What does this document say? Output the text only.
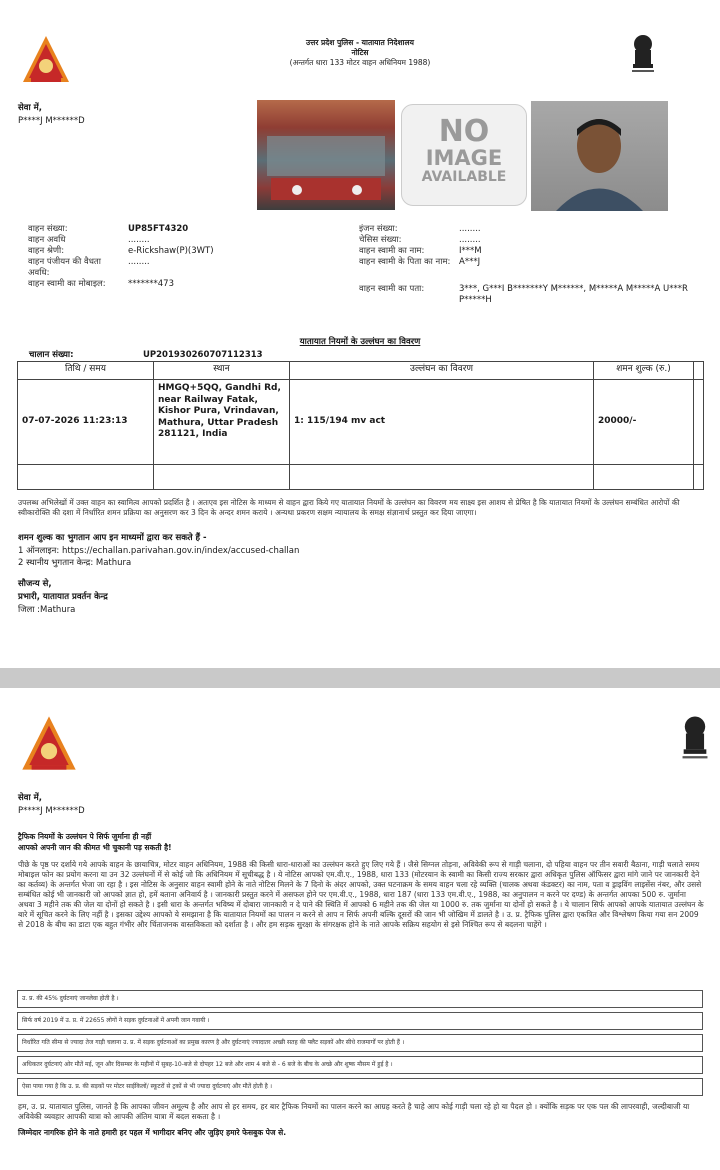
उत्तर प्रदेश पुलिस - यातायात निदेशालय
नोटिस
(अन्तर्गत धारा 133 मोटर वाहन अधिनियम 1988)
सेवा में,
P****J M******D	NO
IMAGE
AVAILABLE
वाहन संख्या:	UP85FT4320
वाहन अवधि	........
वाहन श्रेणी:	e-Rickshaw(P)(3WT)
वाहन पंजीयन की वैधता	........
अवधि:
वाहन स्वामी का मोबाइल:	*******473
इंजन संख्या:	........
चेसिस संख्या:	........
वाहन स्वामी का नाम:	I***M
वाहन स्वामी के पिता का नाम:	A***J
वाहन स्वामी का पता:	3***, G***I B*******Y M******, M*****A M*****A U***R P*****H
यातायात नियमों के उल्लंघन का विवरण
चालान संख्या:	UP201930260707112313
तिथि / समय	स्थान	उल्लंघन का विवरण	शमन शुल्क (रु.)	
07-07-2026 11:23:13	HMGQ+5QQ, Gandhi Rd, near Railway Fatak, Kishor Pura, Vrindavan, Mathura, Uttar Pradesh 281121, India	1: 115/194 mv act	20000/-	

उपलब्ध अभिलेखों में उक्त वाहन का स्वामित्व आपको प्रदर्शित है । अतःएव इस नोटिस के माध्यम से वाहन द्वारा किये गए यातायात नियमों के उल्लंघन का विवरण मय साक्ष्य इस आशय से प्रेषित है कि यातायात नियमों के उल्लंघन सम्बंधित आरोपों की स्वीकारोक्ति की दशा में निर्धारित शमन प्रक्रिया का अनुसरण कर 3 दिन के अन्दर शमन कराये । अन्यथा प्रकरण सक्षम न्यायालय के समक्ष संज्ञानार्थ प्रस्तुत कर दिया जाएगा।
शमन शुल्क का भुगतान आप इन माध्यमों द्वारा कर सकते हैं -
1 ऑनलाइन: https://echallan.parivahan.gov.in/index/accused-challan
2 स्थानीय भुगतान केन्द्र: Mathura
सौजन्य से,
प्रभारी, यातायात प्रवर्तन केन्द्र
जिला :Mathura
सेवा में,
P****J M******D
ट्रैफिक नियमों के उल्लंघन पे सिर्फ जुर्माना ही नहीं
आपको अपनी जान की कीमत भी चुकानी पड़ सकती है!
पीछे के पृष्ठ पर दर्शाये गये आपके वाहन के छायाचित्र, मोटर वाहन अधिनियम, 1988 की किसी धारा-धाराओं का उल्लंघन करते हुए लिए गये हैं । जैसे सिग्नल तोड़ना, अविवेकी रूप से गाड़ी चलाना, दो पहिया वाहन पर तीन सवारी बैठाना, गाड़ी चलाते समय मोबाइल फोन का प्रयोग करना या उन 32 उल्लंघनों में से कोई जो कि अधिनियम में सूचीबद्ध है । ये नोटिस आपको एम.वी.ए., 1988, धारा 133 (मोटरयान के स्वामी का किसी राज्य सरकार द्वारा अधिकृत पुलिस ऑफिसर द्वारा मांगे जाने पर जानकारी देने का कर्तव्य) के अन्तर्गत भेजा जा रहा है । इस नोटिस के अनुसार वाहन स्वामी होने के नाते नोटिस मिलने के 7 दिनो के अंदर आपको, उक्त घटनाक्रम के समय वाहन चला रहे व्यक्ति (चालक अथवा कंडक्टर) का नाम, पता व ड्राइविंग लाइसेंस नंबर, और उससे सम्बंधित कोई भी जानकारी जो आपको ज्ञात हो, हमें बताना अनिवार्य है । जानकारी प्रस्तुत करने में असफल होने पर एम.वी.ए., 1988, धारा 187 (धारा 133 एम.वी.ए., 1988, का अनुपालन न करने पर दण्ड) के अन्तर्गत आपका 500 रु. जुर्माना अथवा 3 महीने तक की जेल या दोनों हो सकते है । इसी धारा के अन्तर्गत भविष्य में दोबारा जानकारी न दे पाने की स्थिति में आपको 6 महीने तक की जेल या 1000 रु. तक जुर्माना या दोनों हो सकते है । ये चालान सिर्फ आपको आपके यातायात उल्लंघन के बारे में सूचित करने के लिए नहीं है । इसका उद्देश्य आपको ये समझाना है कि यातायात नियमों का पालन न करने से आप न सिर्फ अपनी बल्कि दूसरों की जान भी जोखिम में डालते है । उ. प्र. ट्रैफिक पुलिस द्वारा एकत्रित और विश्लेषण किया गया सन 2009 से 2018 के बीच का डाटा एक बहुत गंभीर और चिंताजनक वास्तविकता को दर्शाता है । और हम सड़क सुरक्षा के संगरक्षक होने के नाते आपके सक्रिय सहयोग से इसे निश्चित रूप से बदलना चाहेंगे ।
उ. प्र. की 45% दुर्घटनाएं जानलेवा होती है ।
सिर्फ वर्ष 2019 में उ. प्र. में 22655 लोगों ने सड़क दुर्घटनाओं में अपनी जान गवायी ।
निर्धारित गति सीमा से ज्यादा तेज गाड़ी चलाना उ. प्र. में सड़क दुर्घटनाओं का प्रमुख कारण है और दुर्घटनाएं ज्यादातर अच्छी सतह की फ्लैट सड़कों और सीधे राजमार्गों पर होती हैं ।
अधिकतर दुर्घटनाएं ओर मौतें मई, जून और दिसम्बर के महीनों में सुबह-10-बजे से दोपहर 12 बजे और शाम 4 बजे से - 6 बजे के बीच के अच्छे और शुष्क मौसम में हुई है ।
ऐसा पाया गया है कि उ. प्र. की सड़कों पर मोटर साईकिलों/ स्कूटरों से ट्रकों से भी ज्यादा दुर्घटनाएं और मौतें होती है ।
हम, उ. प्र. यातायात पुलिस, जानते है कि आपका जीवन अमूल्य है और आप से हर समय, हर बार ट्रैफिक नियमों का पालन करने का आग्रह करते है चाहे आप कोई गाड़ी चला रहे हो या पैदल हो । क्योंकि सड़क पर एक पल की लापरवाही, जल्दीबाजी या अविवेकी व्यवहार आपकी यात्रा को आपकी अंतिम यात्रा में बदल सकता है ।
जिम्मेदार नागरिक होने के नाते हमारी हर पहल में भागीदार बनिए और जुड़िए हमारे फेसबुक पेज से.
